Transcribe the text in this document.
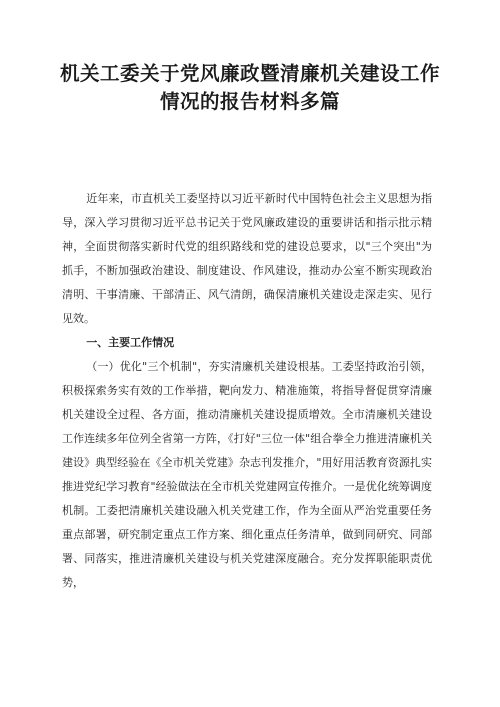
机关工委关于党风廉政暨清廉机关建设工作情况的报告材料多篇

近年来，市直机关工委坚持以习近平新时代中国特色社会主义思想为指导，深入学习贯彻习近平总书记关于党风廉政建设的重要讲话和指示批示精神，全面贯彻落实新时代党的组织路线和党的建设总要求，以"三个突出"为抓手，不断加强政治建设、制度建设、作风建设，推动办公室不断实现政治清明、干事清廉、干部清正、风气清朗，确保清廉机关建设走深走实、见行见效。

一、主要工作情况

（一）优化"三个机制"，夯实清廉机关建设根基。工委坚持政治引领，积极探索务实有效的工作举措，靶向发力、精准施策，将指导督促贯穿清廉机关建设全过程、各方面，推动清廉机关建设提质增效。全市清廉机关建设工作连续多年位列全省第一方阵，《打好"三位一体"组合拳全力推进清廉机关建设》典型经验在《全市机关党建》杂志刊发推介，"用好用活教育资源扎实推进党纪学习教育"经验做法在全市机关党建网宣传推介。一是优化统筹调度机制。工委把清廉机关建设融入机关党建工作，作为全面从严治党重要任务重点部署，研究制定重点工作方案、细化重点任务清单，做到同研究、同部署、同落实，推进清廉机关建设与机关党建深度融合。充分发挥职能职责优势，
